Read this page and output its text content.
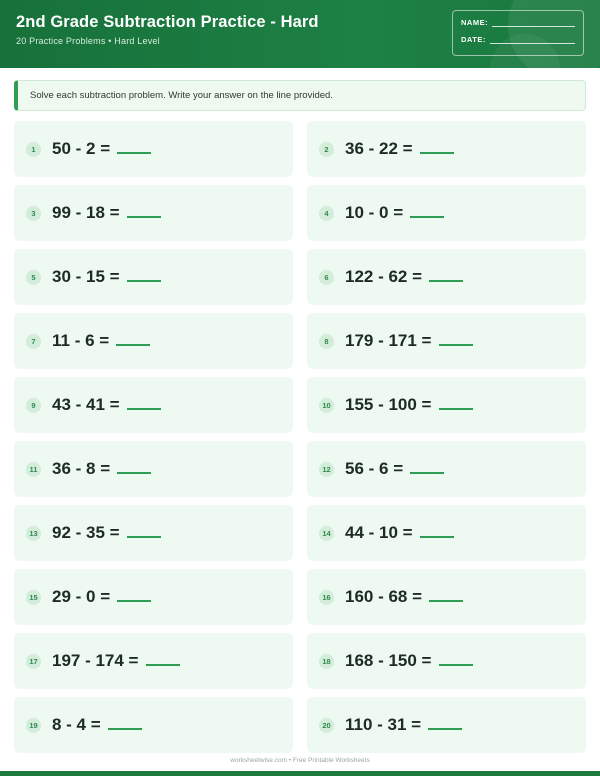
2nd Grade Subtraction Practice - Hard
20 Practice Problems • Hard Level
NAME:
DATE:
Solve each subtraction problem. Write your answer on the line provided.
1 50 - 2 =	2 36 - 22 =
3 99 - 18 =	4 10 - 0 =
5 30 - 15 =	6 122 - 62 =
7 11 - 6 =	8 179 - 171 =
9 43 - 41 =	10 155 - 100 =
11 36 - 8 =	12 56 - 6 =
13 92 - 35 =	14 44 - 10 =
15 29 - 0 =	16 160 - 68 =
17 197 - 174 =	18 168 - 150 =
19 8 - 4 =	20 110 - 31 =
worksheetwise.com • Free Printable Worksheets
